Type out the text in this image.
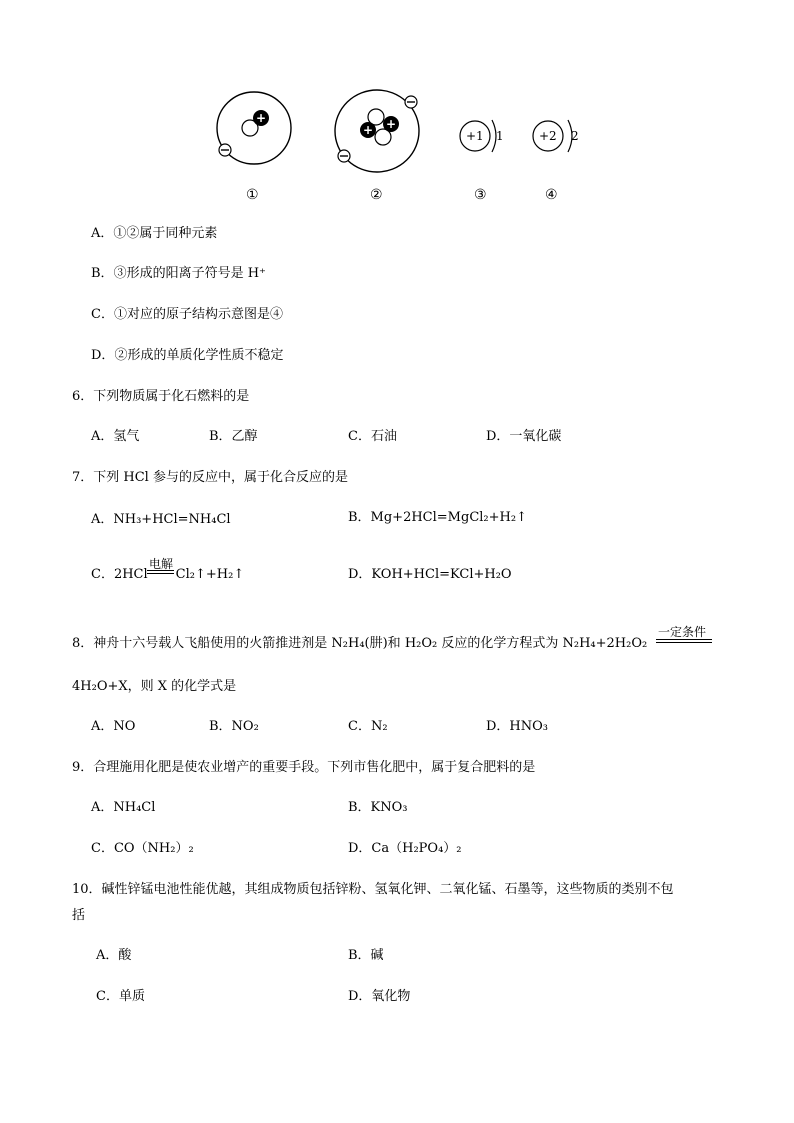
+
+ +
+1 1	+2 2
①	②	③	④
A．①②属于同种元素
B．③形成的阳离子符号是 H⁺
C．①对应的原子结构示意图是④
D．②形成的单质化学性质不稳定
6．下列物质属于化石燃料的是
A．氢气	B．乙醇	C．石油	D．一氧化碳
7．下列 HCl 参与的反应中，属于化合反应的是
A．NH₃+HCl=NH₄Cl	B．Mg+2HCl=MgCl₂+H₂↑
C．2HCl Cl₂↑+H₂↑
电解
D．KOH+HCl=KCl+H₂O
8．神舟十六号载人飞船使用的火箭推进剂是 N₂H₄(肼)和 H₂O₂ 反应的化学方程式为 N₂H₄+2H₂O₂
一定条件
4H₂O+X，则 X 的化学式是
A．NO	B．NO₂	C．N₂	D．HNO₃
9．合理施用化肥是使农业增产的重要手段。下列市售化肥中，属于复合肥料的是
A．NH₄Cl	B．KNO₃
C．CO（NH₂）₂	D．Ca（H₂PO₄）₂
10．碱性锌锰电池性能优越，其组成物质包括锌粉、氢氧化钾、二氧化锰、石墨等，这些物质的类别不包
括
A．酸	B．碱
C．单质	D．氧化物
